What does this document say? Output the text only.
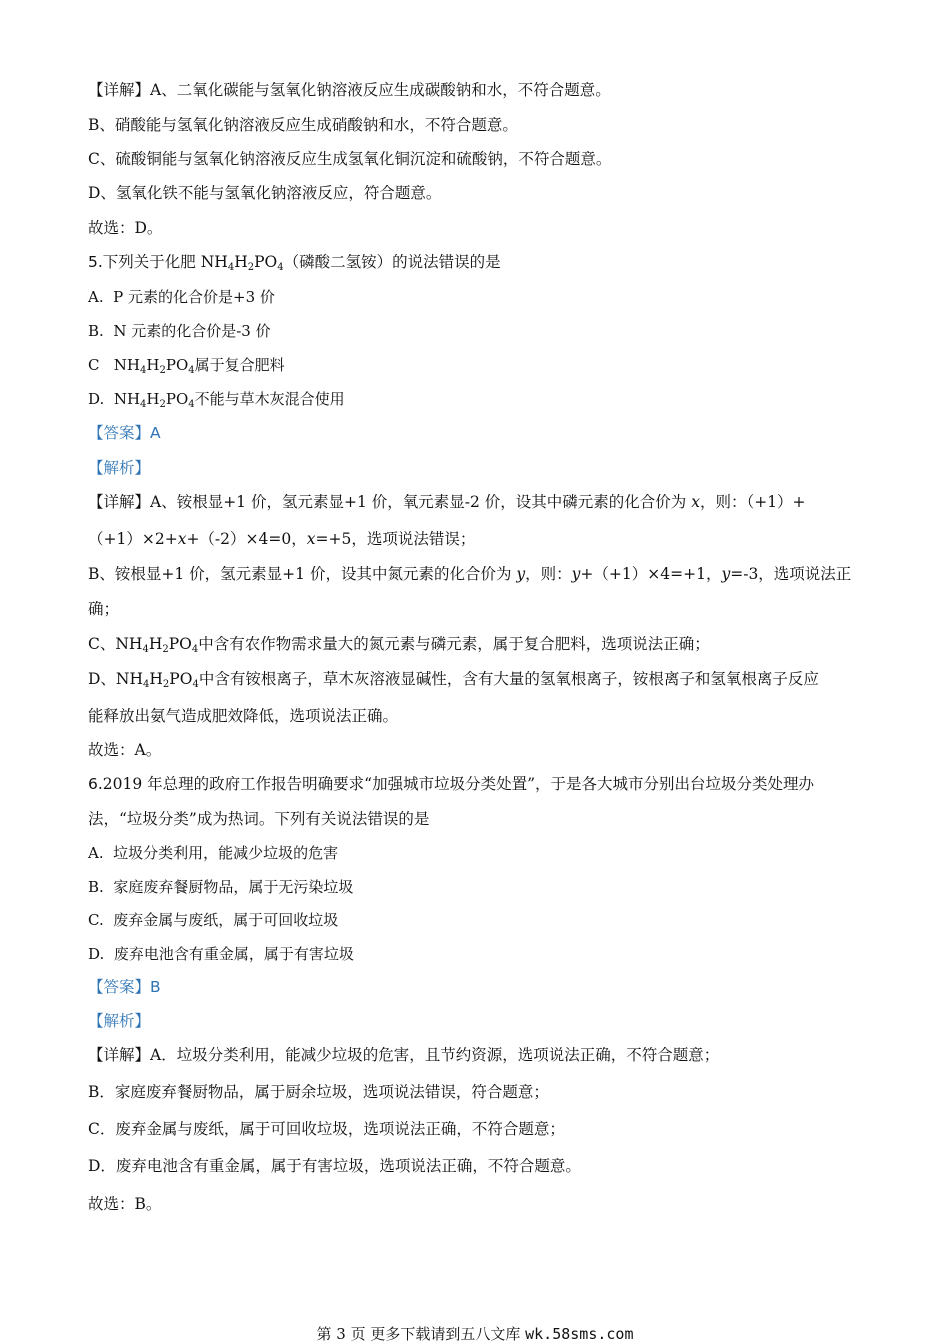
【详解】A、二氧化碳能与氢氧化钠溶液反应生成碳酸钠和水，不符合题意。
B、硝酸能与氢氧化钠溶液反应生成硝酸钠和水，不符合题意。
C、硫酸铜能与氢氧化钠溶液反应生成氢氧化铜沉淀和硫酸钠，不符合题意。
D、氢氧化铁不能与氢氧化钠溶液反应，符合题意。
故选：D。
5.下列关于化肥 $NH_4H_2PO_4$（磷酸二氢铵）的说法错误的是
A. P 元素的化合价是+3 价
B. N 元素的化合价是-3 价
C $NH_4H_2PO_4$属于复合肥料
D. $NH_4H_2PO_4$不能与草木灰混合使用
【答案】A
【解析】
【详解】A、铵根显+1 价，氢元素显+1 价，氧元素显-2 价，设其中磷元素的化合价为 x，则：（+1）+
（+1）×2+x+（-2）×4=0，x=+5，选项说法错误；
B、铵根显+1 价，氢元素显+1 价，设其中氮元素的化合价为 y，则：y+（+1）×4=+1，y=-3，选项说法正
确；
C、$NH_4H_2PO_4$中含有农作物需求量大的氮元素与磷元素，属于复合肥料，选项说法正确；
D、$NH_4H_2PO_4$中含有铵根离子，草木灰溶液显碱性，含有大量的氢氧根离子，铵根离子和氢氧根离子反应
能释放出氨气造成肥效降低，选项说法正确。
故选：A。
6.2019 年总理的政府工作报告明确要求“加强城市垃圾分类处置”，于是各大城市分别出台垃圾分类处理办
法，“垃圾分类”成为热词。下列有关说法错误的是
A. 垃圾分类利用，能减少垃圾的危害
B. 家庭废弃餐厨物品，属于无污染垃圾
C. 废弃金属与废纸，属于可回收垃圾
D. 废弃电池含有重金属，属于有害垃圾
【答案】B
【解析】
【详解】A．垃圾分类利用，能减少垃圾的危害，且节约资源，选项说法正确，不符合题意；
B．家庭废弃餐厨物品，属于厨余垃圾，选项说法错误，符合题意；
C．废弃金属与废纸，属于可回收垃圾，选项说法正确，不符合题意；
D．废弃电池含有重金属，属于有害垃圾，选项说法正确，不符合题意。
故选：B。
第 3 页 更多下载请到五八文库 wk.58sms.com
